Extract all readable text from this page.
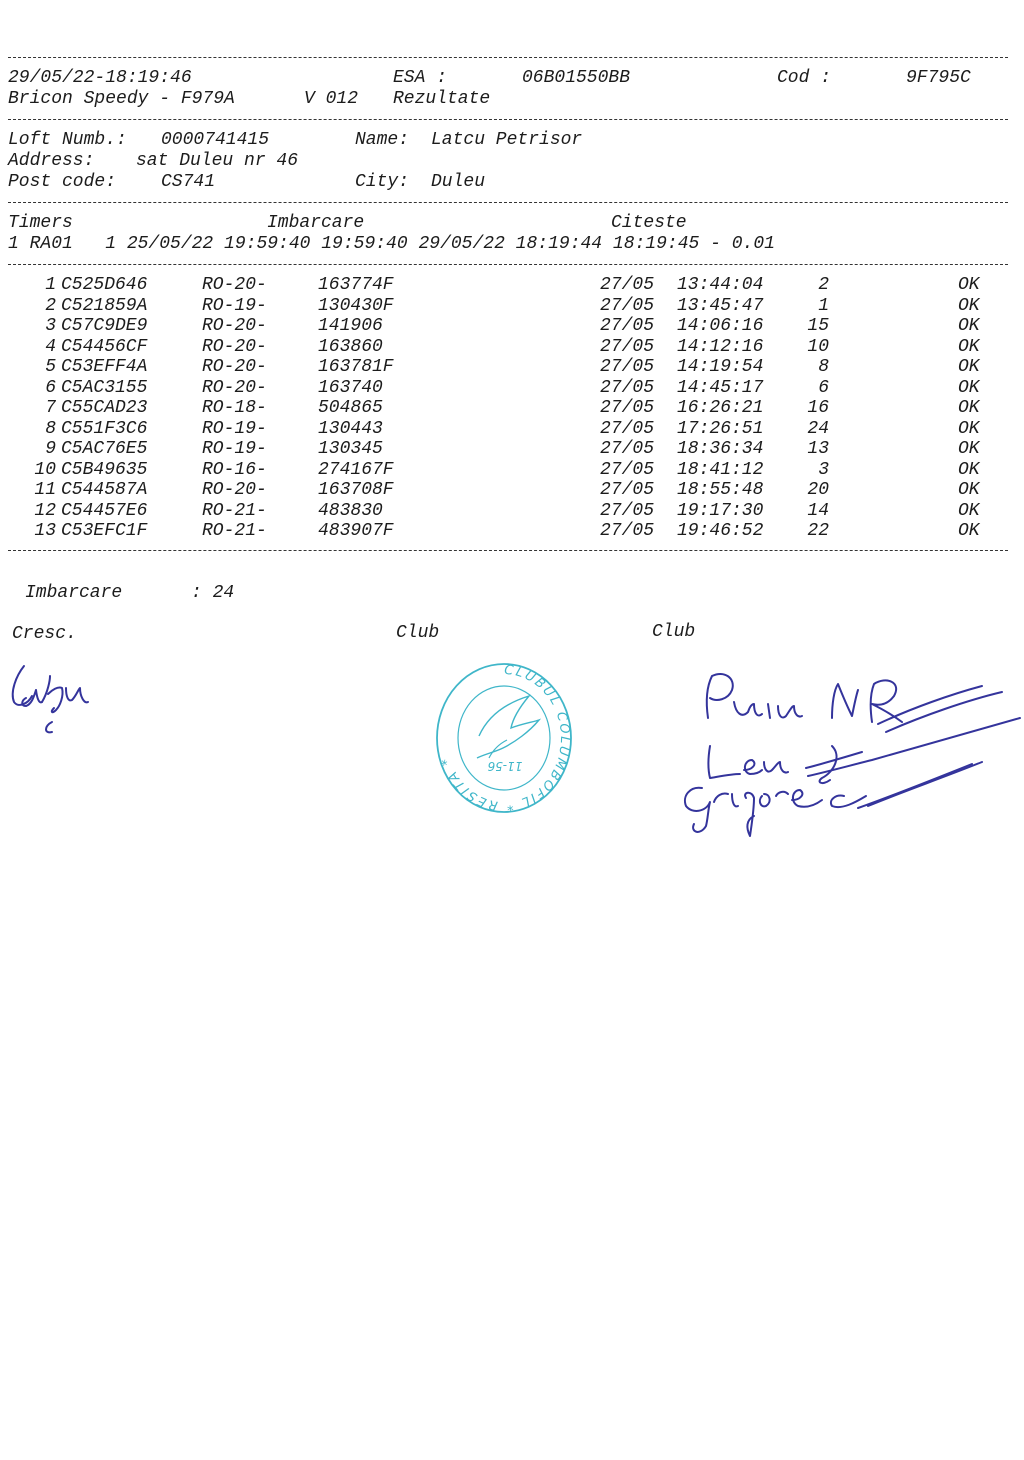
29/05/22-18:19:46	ESA :	06B01550BB	Cod :	9F795C
Bricon Speedy - F979A	V 012 Rezultate
Loft Numb.: 0000741415	Name: Latcu Petrisor
Address: sat Duleu nr 46
Post code: CS741	City: Duleu
Timers	Imbarcare	Citeste
1 RA01   1 25/05/22 19:59:40 19:59:40 29/05/22 18:19:44 18:19:45 - 0.01
1 C525D646	RO-20-	163774F	27/05 13:44:04	2	OK
2 C521859A	RO-19-	130430F	27/05 13:45:47	1	OK
3 C57C9DE9	RO-20-	141906	27/05 14:06:16 15	OK
4 C54456CF	RO-20-	163860	27/05 14:12:16 10	OK
5 C53EFF4A	RO-20-	163781F	27/05 14:19:54	8	OK
6 C5AC3155	RO-20-	163740	27/05 14:45:17	6	OK
7 C55CAD23	RO-18-	504865	27/05 16:26:21 16	OK
8 C551F3C6	RO-19-	130443	27/05 17:26:51 24	OK
9 C5AC76E5	RO-19-	130345	27/05 18:36:34 13	OK
10 C5B49635	RO-16-	274167F	27/05 18:41:12	3	OK
11 C544587A	RO-20-	163708F	27/05 18:55:48 20	OK
12 C54457E6	RO-21-	483830	27/05 19:17:30 14	OK
13 C53EFC1F	RO-21-	483907F	27/05 19:46:52 22	OK
Imbarcare	: 24
Cresc.	Club	Club
CLUBUL COLUMBOFIL * RESITA *	11-56
